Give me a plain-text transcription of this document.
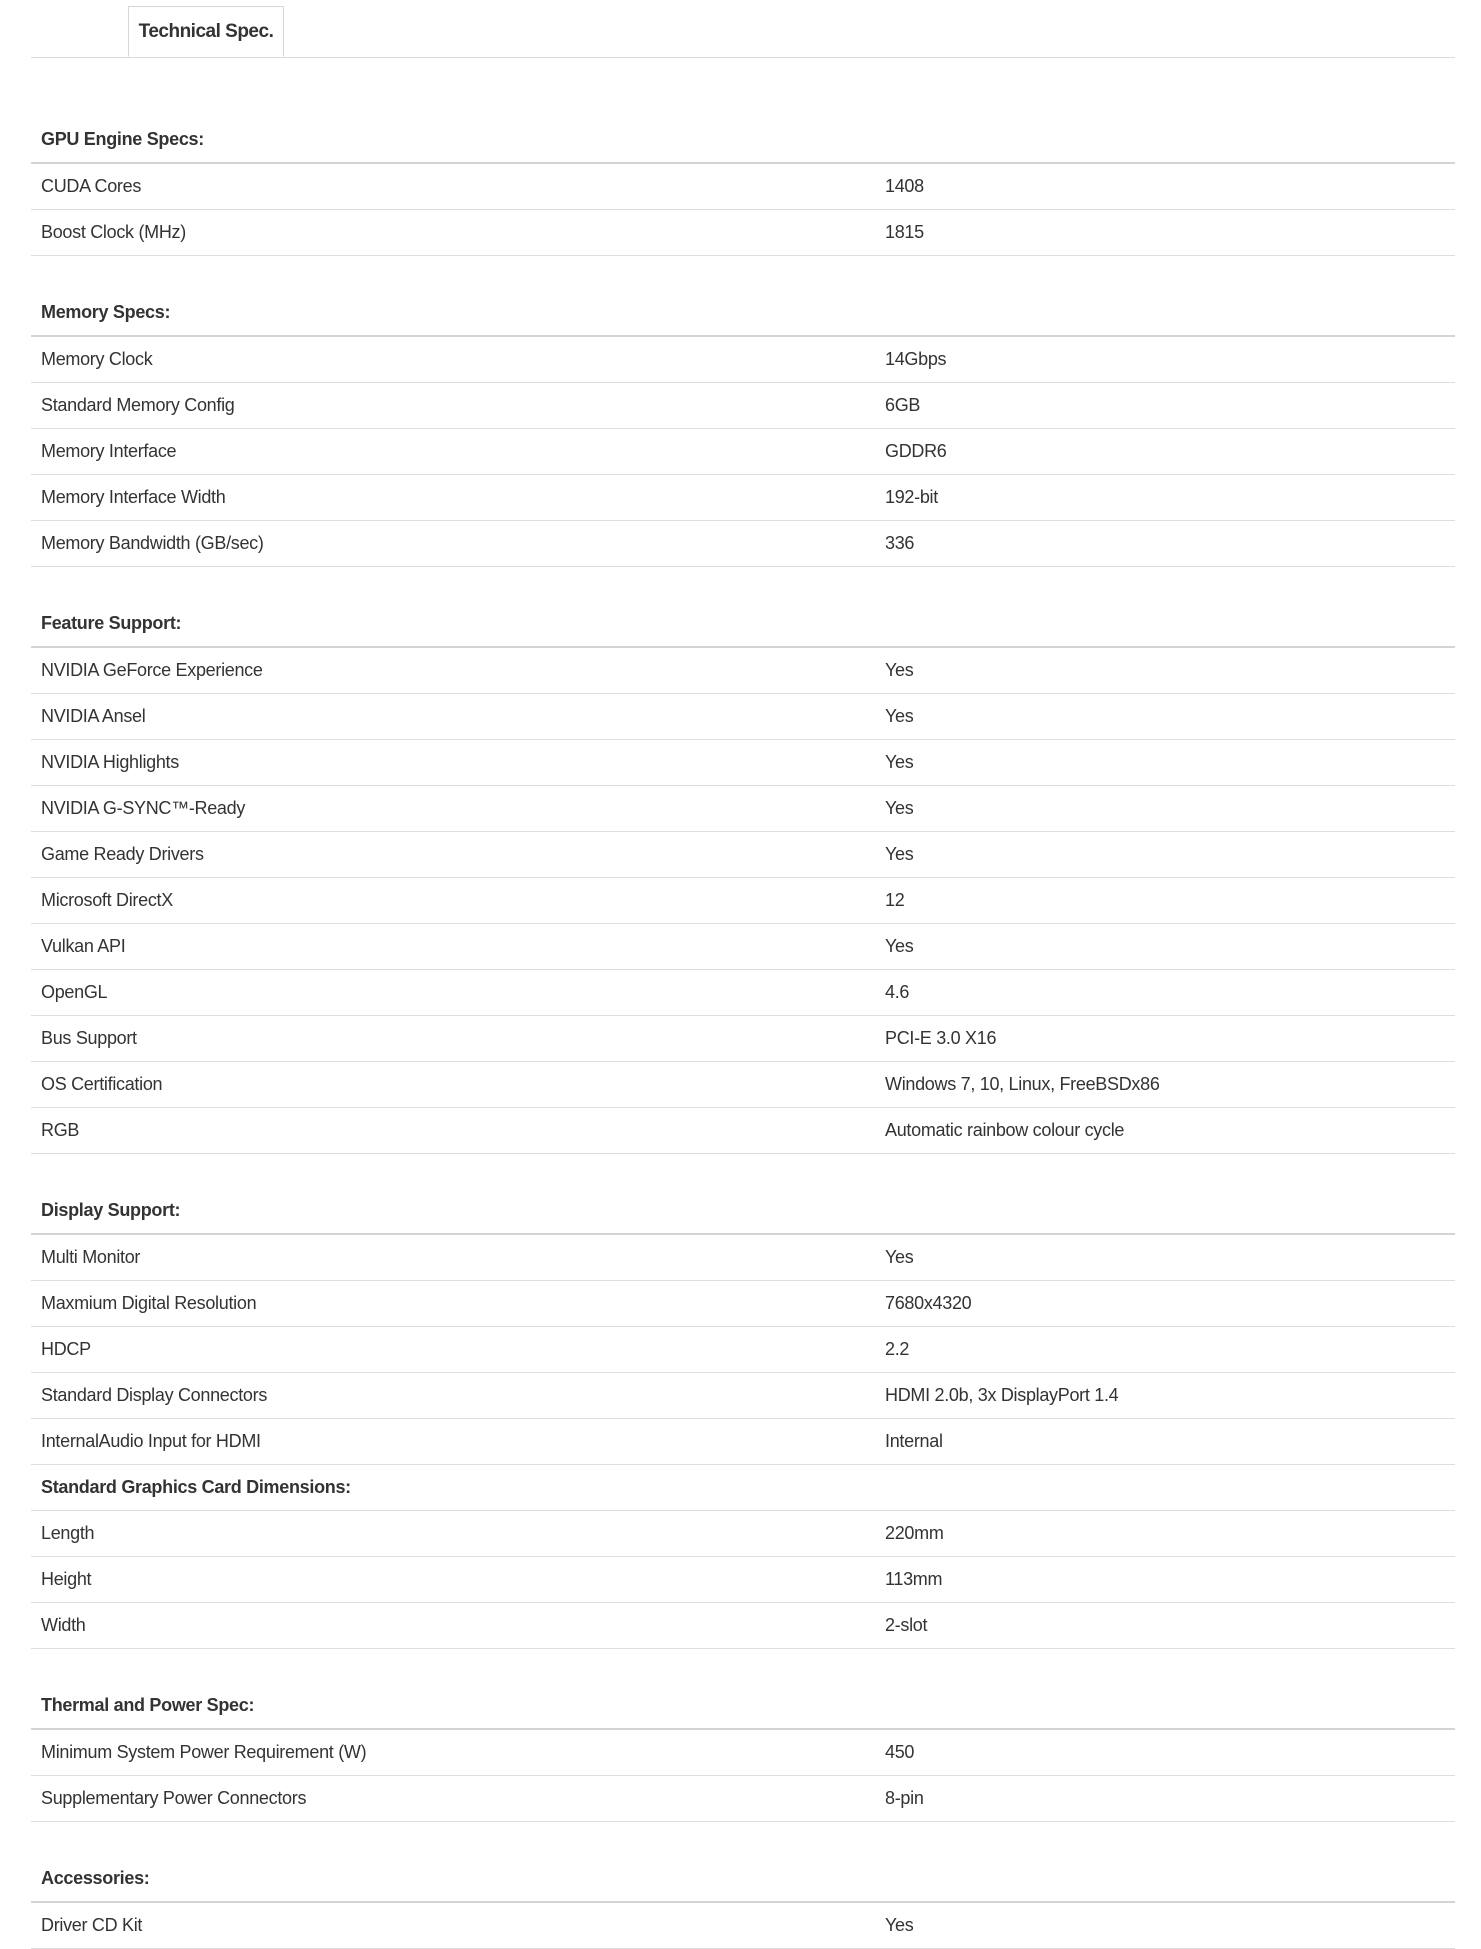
Technical Spec.
GPU Engine Specs:
CUDA Cores	1408
Boost Clock (MHz)	1815
Memory Specs:
Memory Clock	14Gbps
Standard Memory Config	6GB
Memory Interface	GDDR6
Memory Interface Width	192-bit
Memory Bandwidth (GB/sec)	336
Feature Support:
NVIDIA GeForce Experience	Yes
NVIDIA Ansel	Yes
NVIDIA Highlights	Yes
NVIDIA G-SYNC™-Ready	Yes
Game Ready Drivers	Yes
Microsoft DirectX	12
Vulkan API	Yes
OpenGL	4.6
Bus Support	PCI-E 3.0 X16
OS Certification	Windows 7, 10, Linux, FreeBSDx86
RGB	Automatic rainbow colour cycle
Display Support:
Multi Monitor	Yes
Maxmium Digital Resolution	7680x4320
HDCP	2.2
Standard Display Connectors	HDMI 2.0b, 3x DisplayPort 1.4
InternalAudio Input for HDMI	Internal
Standard Graphics Card Dimensions:
Length	220mm
Height	113mm
Width	2-slot
Thermal and Power Spec:
Minimum System Power Requirement (W)	450
Supplementary Power Connectors	8-pin
Accessories:
Driver CD Kit	Yes
